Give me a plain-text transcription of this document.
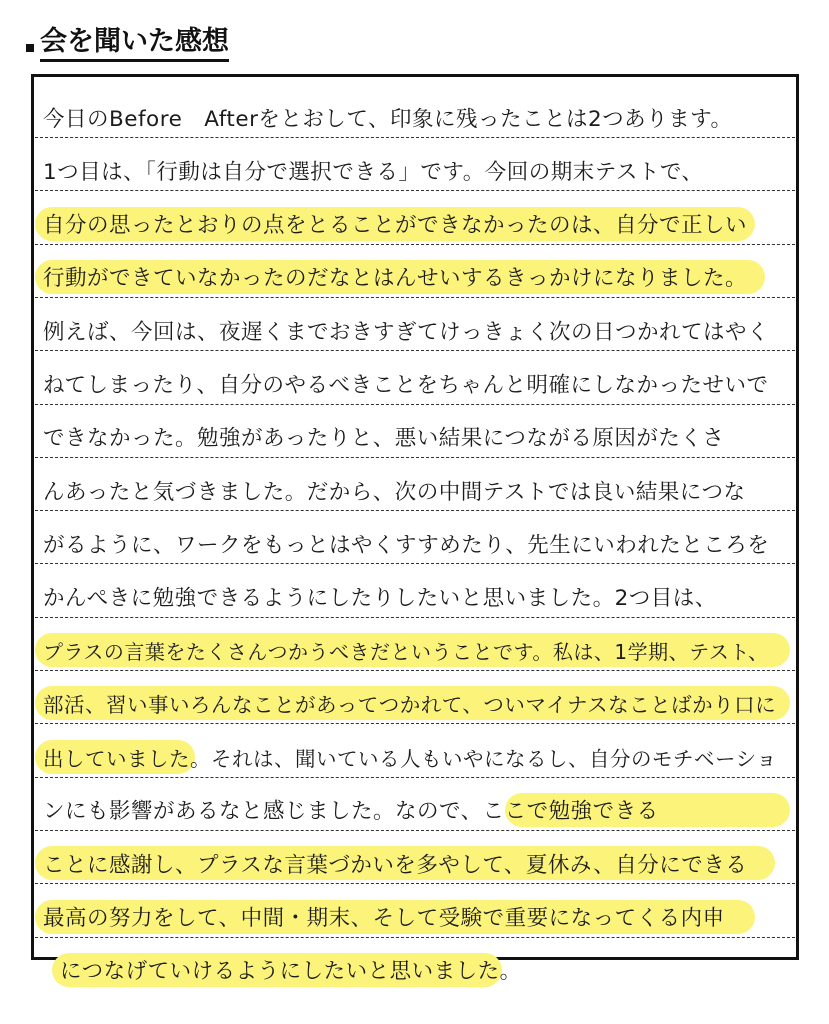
会を聞いた感想
今日のBefore　Afterをとおして、印象に残ったことは2つあります。
1つ目は、「行動は自分で選択できる」です。今回の期末テストで、
自分の思ったとおりの点をとることができなかったのは、自分で正しい
行動ができていなかったのだなとはんせいするきっかけになりました。
例えば、今回は、夜遅くまでおきすぎてけっきょく次の日つかれてはやく
ねてしまったり、自分のやるべきことをちゃんと明確にしなかったせいで
できなかった。勉強があったりと、悪い結果につながる原因がたくさ
んあったと気づきました。だから、次の中間テストでは良い結果につな
がるように、ワークをもっとはやくすすめたり、先生にいわれたところを
かんぺきに勉強できるようにしたりしたいと思いました。2つ目は、
プラスの言葉をたくさんつかうべきだということです。私は、1学期、テスト、
部活、習い事いろんなことがあってつかれて、ついマイナスなことばかり口に
出していました。それは、聞いている人もいやになるし、自分のモチベーショ
ンにも影響があるなと感じました。なので、ここで勉強できる
ことに感謝し、プラスな言葉づかいを多やして、夏休み、自分にできる
最高の努力をして、中間・期末、そして受験で重要になってくる内申
につなげていけるようにしたいと思いました。
